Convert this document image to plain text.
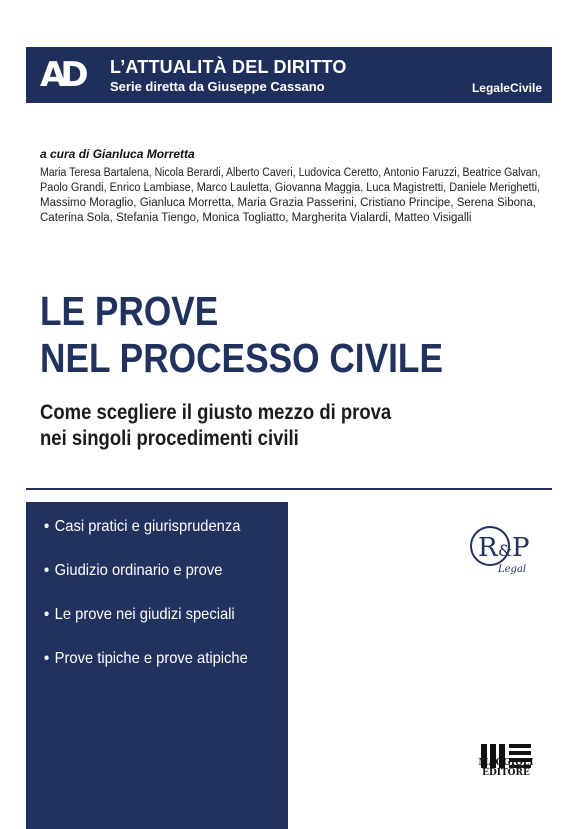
AD L’ATTUALITÀ DEL DIRITTO
Serie diretta da Giuseppe Cassano	LegaleCivile
a cura di Gianluca Morretta
Maria Teresa Bartalena, Nicola Berardi, Alberto Caveri, Ludovica Ceretto, Antonio Faruzzi, Beatrice Galvan,
Paolo Grandi, Enrico Lambiase, Marco Lauletta, Giovanna Maggia, Luca Magistretti, Daniele Merighetti,
Massimo Moraglio, Gianluca Morretta, Maria Grazia Passerini, Cristiano Principe, Serena Sibona,
Caterina Sola, Stefania Tiengo, Monica Togliatto, Margherita Vialardi, Matteo Visigalli
LE PROVE
NEL PROCESSO CIVILE
Come scegliere il giusto mezzo di prova
nei singoli procedimenti civili
• Casi pratici e giurisprudenza
• Giudizio ordinario e prove
• Le prove nei giudizi speciali
• Prove tipiche e prove atipiche
R & P
Legal
MAGGIOLI
EDITORE
